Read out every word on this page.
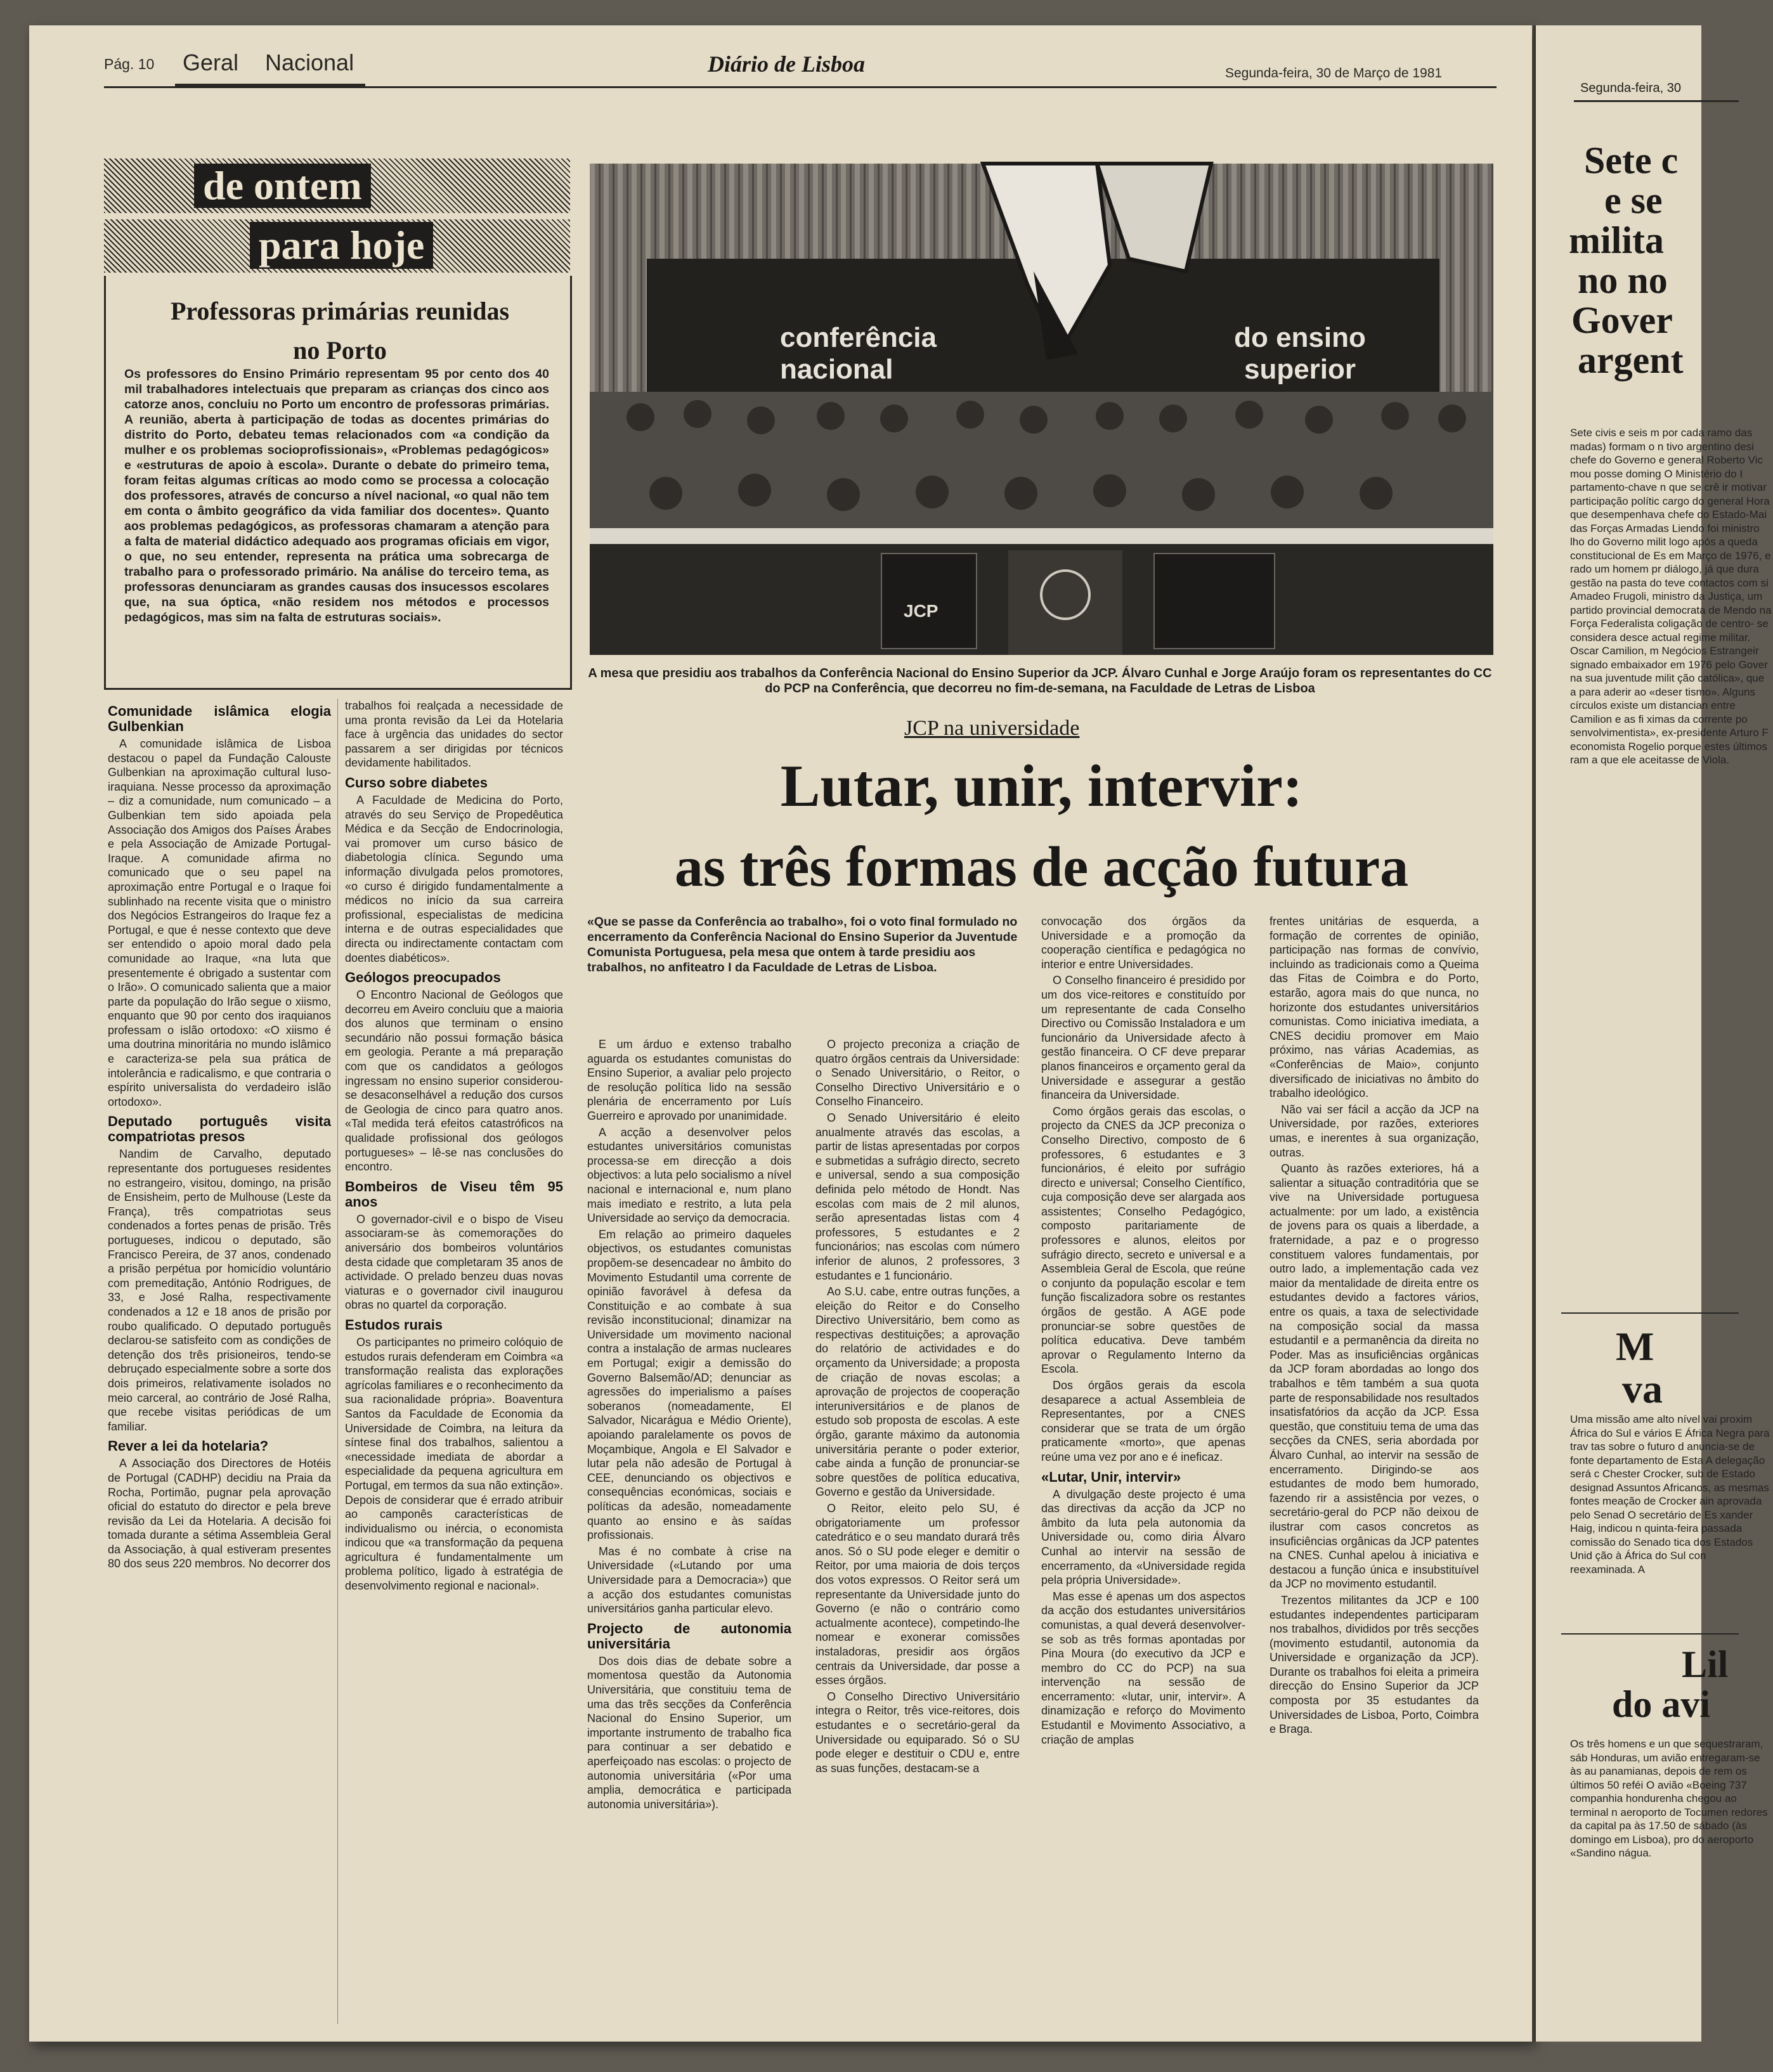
Pág. 10 Geral Nacional	Diário de Lisboa	Segunda-feira, 30 de Março de 1981
de ontem
para hoje
Professoras primárias reunidas no Porto
Os professores do Ensino Primário representam 95 por cento dos 40 mil trabalhadores intelectuais que preparam as crianças dos cinco aos catorze anos, concluiu no Porto um encontro de professoras primárias. A reunião, aberta à participação de todas as docentes primárias do distrito do Porto, debateu temas relacionados com «a condição da mulher e os problemas socioprofissionais», «Problemas pedagógicos» e «estruturas de apoio à escola». Durante o debate do primeiro tema, foram feitas algumas críticas ao modo como se processa a colocação dos professores, através de concurso a nível nacional, «o qual não tem em conta o âmbito geográfico da vida familiar dos docentes». Quanto aos problemas pedagógicos, as professoras chamaram a atenção para a falta de material didáctico adequado aos programas oficiais em vigor, o que, no seu entender, representa na prática uma sobrecarga de trabalho para o professorado primário. Na análise do terceiro tema, as professoras denunciaram as grandes causas dos insucessos escolares que, na sua óptica, «não residem nos métodos e processos pedagógicos, mas sim na falta de estruturas sociais».
Comunidade islâmica elogia Gulbenkian

A comunidade islâmica de Lisboa destacou o papel da Fundação Calouste Gulbenkian na aproximação cultural luso-iraquiana. Nesse processo da aproximação – diz a comunidade, num comunicado – a Gulbenkian tem sido apoiada pela Associação dos Amigos dos Países Árabes e pela Associação de Amizade Portugal-Iraque. A comunidade afirma no comunicado que o seu papel na aproximação entre Portugal e o Iraque foi sublinhado na recente visita que o ministro dos Negócios Estrangeiros do Iraque fez a Portugal, e que é nesse contexto que deve ser entendido o apoio moral dado pela comunidade ao Iraque, «na luta que presentemente é obrigado a sustentar com o Irão». O comunicado salienta que a maior parte da população do Irão segue o xiismo, enquanto que 90 por cento dos iraquianos professam o islão ortodoxo: «O xiismo é uma doutrina minoritária no mundo islâmico e caracteriza-se pela sua prática de intolerância e radicalismo, e que contraria o espírito universalista do verdadeiro islão ortodoxo».

Deputado português visita compatriotas presos

Nandim de Carvalho, deputado representante dos portugueses residentes no estrangeiro, visitou, domingo, na prisão de Ensisheim, perto de Mulhouse (Leste da França), três compatriotas seus condenados a fortes penas de prisão. Três portugueses, indicou o deputado, são Francisco Pereira, de 37 anos, condenado a prisão perpétua por homicídio voluntário com premeditação, António Rodrigues, de 33, e José Ralha, respectivamente condenados a 12 e 18 anos de prisão por roubo qualificado. O deputado português declarou-se satisfeito com as condições de detenção dos três prisioneiros, tendo-se debruçado especialmente sobre a sorte dos dois primeiros, relativamente isolados no meio carceral, ao contrário de José Ralha, que recebe visitas periódicas de um familiar.

Rever a lei da hotelaria?

A Associação dos Directores de Hotéis de Portugal (CADHP) decidiu na Praia da Rocha, Portimão, pugnar pela aprovação oficial do estatuto do director e pela breve revisão da Lei da Hotelaria. A decisão foi tomada durante a sétima Assembleia Geral da Associação, à qual estiveram presentes 80 dos seus 220 membros. No decorrer dos

trabalhos foi realçada a necessidade de uma pronta revisão da Lei da Hotelaria face à urgência das unidades do sector passarem a ser dirigidas por técnicos devidamente habilitados.

Curso sobre diabetes

A Faculdade de Medicina do Porto, através do seu Serviço de Propedêutica Médica e da Secção de Endocrinologia, vai promover um curso básico de diabetologia clínica. Segundo uma informação divulgada pelos promotores, «o curso é dirigido fundamentalmente a médicos no início da sua carreira profissional, especialistas de medicina interna e de outras especialidades que directa ou indirectamente contactam com doentes diabéticos».

Geólogos preocupados

O Encontro Nacional de Geólogos que decorreu em Aveiro concluiu que a maioria dos alunos que terminam o ensino secundário não possui formação básica em geologia. Perante a má preparação com que os candidatos a geólogos ingressam no ensino superior considerou-se desaconselhável a redução dos cursos de Geologia de cinco para quatro anos. «Tal medida terá efeitos catastróficos na qualidade profissional dos geólogos portugueses» – lê-se nas conclusões do encontro.

Bombeiros de Viseu têm 95 anos

O governador-civil e o bispo de Viseu associaram-se às comemorações do aniversário dos bombeiros voluntários desta cidade que completaram 35 anos de actividade. O prelado benzeu duas novas viaturas e o governador civil inaugurou obras no quartel da corporação.

Estudos rurais

Os participantes no primeiro colóquio de estudos rurais defenderam em Coimbra «a transformação realista das explorações agrícolas familiares e o reconhecimento da sua racionalidade própria». Boaventura Santos da Faculdade de Economia da Universidade de Coimbra, na leitura da síntese final dos trabalhos, salientou a «necessidade imediata de abordar a especialidade da pequena agricultura em Portugal, em termos da sua não extinção». Depois de considerar que é errado atribuir ao camponês características de individualismo ou inércia, o economista indicou que «a transformação da pequena agricultura é fundamentalmente um problema político, ligado à estratégia de desenvolvimento regional e nacional».

conferência nacional
do ensino superior
JCP
A mesa que presidiu aos trabalhos da Conferência Nacional do Ensino Superior da JCP. Álvaro Cunhal e Jorge Araújo foram os representantes do CC do PCP na Conferência, que decorreu no fim-de-semana, na Faculdade de Letras de Lisboa
JCP na universidade
Lutar, unir, intervir:
as três formas de acção futura
«Que se passe da Conferência ao trabalho», foi o voto final formulado no encerramento da Conferência Nacional do Ensino Superior da Juventude Comunista Portuguesa, pela mesa que ontem à tarde presidiu aos trabalhos, no anfiteatro I da Faculdade de Letras de Lisboa.

E um árduo e extenso trabalho aguarda os estudantes comunistas do Ensino Superior, a avaliar pelo projecto de resolução política lido na sessão plenária de encerramento por Luís Guerreiro e aprovado por unanimidade.

A acção a desenvolver pelos estudantes universitários comunistas processa-se em direcção a dois objectivos: a luta pelo socialismo a nível nacional e internacional e, num plano mais imediato e restrito, a luta pela Universidade ao serviço da democracia.

Em relação ao primeiro daqueles objectivos, os estudantes comunistas propõem-se desencadear no âmbito do Movimento Estudantil uma corrente de opinião favorável à defesa da Constituição e ao combate à sua revisão inconstitucional; dinamizar na Universidade um movimento nacional contra a instalação de armas nucleares em Portugal; exigir a demissão do Governo Balsemão/AD; denunciar as agressões do imperialismo a países soberanos (nomeadamente, El Salvador, Nicarágua e Médio Oriente), apoiando paralelamente os povos de Moçambique, Angola e El Salvador e lutar pela não adesão de Portugal à CEE, denunciando os objectivos e consequências económicas, sociais e políticas da adesão, nomeadamente quanto ao ensino e às saídas profissionais.

Mas é no combate à crise na Universidade («Lutando por uma Universidade para a Democracia») que a acção dos estudantes comunistas universitários ganha particular elevo.

Projecto de autonomia universitária

Dos dois dias de debate sobre a momentosa questão da Autonomia Universitária, que constituiu tema de uma das três secções da Conferência Nacional do Ensino Superior, um importante instrumento de trabalho fica para continuar a ser debatido e aperfeiçoado nas escolas: o projecto de autonomia universitária («Por uma amplia, democrática e participada autonomia universitária»).

O projecto preconiza a criação de quatro órgãos centrais da Universidade: o Senado Universitário, o Reitor, o Conselho Directivo Universitário e o Conselho Financeiro.

O Senado Universitário é eleito anualmente através das escolas, a partir de listas apresentadas por corpos e submetidas a sufrágio directo, secreto e universal, sendo a sua composição definida pelo método de Hondt. Nas escolas com mais de 2 mil alunos, serão apresentadas listas com 4 professores, 5 estudantes e 2 funcionários; nas escolas com número inferior de alunos, 2 professores, 3 estudantes e 1 funcionário.

Ao S.U. cabe, entre outras funções, a eleição do Reitor e do Conselho Directivo Universitário, bem como as respectivas destituições; a aprovação do relatório de actividades e do orçamento da Universidade; a proposta de criação de novas escolas; a aprovação de projectos de cooperação interuniversitários e de planos de estudo sob proposta de escolas. A este órgão, garante máximo da autonomia universitária perante o poder exterior, cabe ainda a função de pronunciar-se sobre questões de política educativa, Governo e gestão da Universidade.

O Reitor, eleito pelo SU, é obrigatoriamente um professor catedrático e o seu mandato durará três anos. Só o SU pode eleger e demitir o Reitor, por uma maioria de dois terços dos votos expressos. O Reitor será um representante da Universidade junto do Governo (e não o contrário como actualmente acontece), competindo-lhe nomear e exonerar comissões instaladoras, presidir aos órgãos centrais da Universidade, dar posse a esses órgãos.

O Conselho Directivo Universitário integra o Reitor, três vice-reitores, dois estudantes e o secretário-geral da Universidade ou equiparado. Só o SU pode eleger e destituir o CDU e, entre as suas funções, destacam-se a

convocação dos órgãos da Universidade e a promoção da cooperação científica e pedagógica no interior e entre Universidades.

O Conselho financeiro é presidido por um dos vice-reitores e constituído por um representante de cada Conselho Directivo ou Comissão Instaladora e um funcionário da Universidade afecto à gestão financeira. O CF deve preparar planos financeiros e orçamento geral da Universidade e assegurar a gestão financeira da Universidade.

Como órgãos gerais das escolas, o projecto da CNES da JCP preconiza o Conselho Directivo, composto de 6 professores, 6 estudantes e 3 funcionários, é eleito por sufrágio directo e universal; Conselho Científico, cuja composição deve ser alargada aos assistentes; Conselho Pedagógico, composto paritariamente de professores e alunos, eleitos por sufrágio directo, secreto e universal e a Assembleia Geral de Escola, que reúne o conjunto da população escolar e tem função fiscalizadora sobre os restantes órgãos de gestão. A AGE pode pronunciar-se sobre questões de política educativa. Deve também aprovar o Regulamento Interno da Escola.

Dos órgãos gerais da escola desaparece a actual Assembleia de Representantes, por a CNES considerar que se trata de um órgão praticamente «morto», que apenas reúne uma vez por ano e é ineficaz.

«Lutar, Unir, intervir»

A divulgação deste projecto é uma das directivas da acção da JCP no âmbito da luta pela autonomia da Universidade ou, como diria Álvaro Cunhal ao intervir na sessão de encerramento, da «Universidade regida pela própria Universidade».

Mas esse é apenas um dos aspectos da acção dos estudantes universitários comunistas, a qual deverá desenvolver-se sob as três formas apontadas por Pina Moura (do executivo da JCP e membro do CC do PCP) na sua intervenção na sessão de encerramento: «lutar, unir, intervir». A dinamização e reforço do Movimento Estudantil e Movimento Associativo, a criação de amplas

frentes unitárias de esquerda, a formação de correntes de opinião, participação nas formas de convívio, incluindo as tradicionais como a Queima das Fitas de Coimbra e do Porto, estarão, agora mais do que nunca, no horizonte dos estudantes universitários comunistas. Como iniciativa imediata, a CNES decidiu promover em Maio próximo, nas várias Academias, as «Conferências de Maio», conjunto diversificado de iniciativas no âmbito do trabalho ideológico.

Não vai ser fácil a acção da JCP na Universidade, por razões, exteriores umas, e inerentes à sua organização, outras.

Quanto às razões exteriores, há a salientar a situação contraditória que se vive na Universidade portuguesa actualmente: por um lado, a existência de jovens para os quais a liberdade, a fraternidade, a paz e o progresso constituem valores fundamentais, por outro lado, a implementação cada vez maior da mentalidade de direita entre os estudantes devido a factores vários, entre os quais, a taxa de selectividade na composição social da massa estudantil e a permanência da direita no Poder. Mas as insuficiências orgânicas da JCP foram abordadas ao longo dos trabalhos e têm também a sua quota parte de responsabilidade nos resultados insatisfatórios da acção da JCP. Essa questão, que constituiu tema de uma das secções da CNES, seria abordada por Álvaro Cunhal, ao intervir na sessão de encerramento. Dirigindo-se aos estudantes de modo bem humorado, fazendo rir a assistência por vezes, o secretário-geral do PCP não deixou de ilustrar com casos concretos as insuficiências orgânicas da JCP patentes na CNES. Cunhal apelou à iniciativa e destacou a função única e insubstituível da JCP no movimento estudantil.

Trezentos militantes da JCP e 100 estudantes independentes participaram nos trabalhos, divididos por três secções (movimento estudantil, autonomia da Universidade e organização da JCP). Durante os trabalhos foi eleita a primeira direcção do Ensino Superior da JCP composta por 35 estudantes da Universidades de Lisboa, Porto, Coimbra e Braga.

Segunda-feira, 30
Sete c
e se
milita
no no
Gover
argent
Sete civis e seis m por cada ramo das madas) formam o n tivo argentino desi chefe do Governo e general Roberto Vic mou posse doming O Ministério do I partamento-chave n que se crê ir motivar participação polític cargo do general Hora que desempenhava chefe do Estado-Mai das Forças Armadas Liendo foi ministro lho do Governo milit logo após a queda constitucional de Es em Março de 1976, e rado um homem pr diálogo, já que dura gestão na pasta do teve contactos com si Amadeo Frugoli, ministro da Justiça, um partido provincial democrata de Mendo na Força Federalista coligação de centro- se considera desce actual regime militar. Oscar Camilion, m Negócios Estrangeir signado embaixador em 1976 pelo Gover na sua juventude milit ção católica», que a para aderir ao «deser tismo». Alguns círculos existe um distancian entre Camilion e as fi ximas da corrente po senvolvimentista», ex-presidente Arturo F economista Rogelio porque estes últimos ram a que ele aceitasse de Viola.
M
va
Uma missão ame alto nível vai proxim África do Sul e vários E África Negra para trav tas sobre o futuro d anuncia-se de fonte departamento de Esta A delegação será c Chester Crocker, sub de Estado designad Assuntos Africanos, as mesmas fontes meação de Crocker ain aprovada pelo Senad O secretário de Es xander Haig, indicou n quinta-feira passada comissão do Senado tica dos Estados Unid ção à África do Sul con reexaminada. A
Lil
do avi
Os três homens e un que sequestraram, sáb Honduras, um avião entregaram-se às au panamianas, depois de rem os últimos 50 reféi O avião «Boeing 737 companhia hondurenha chegou ao terminal n aeroporto de Tocumen redores da capital pa às 17.50 de sábado (às domingo em Lisboa), pro do aeroporto «Sandino nágua.
